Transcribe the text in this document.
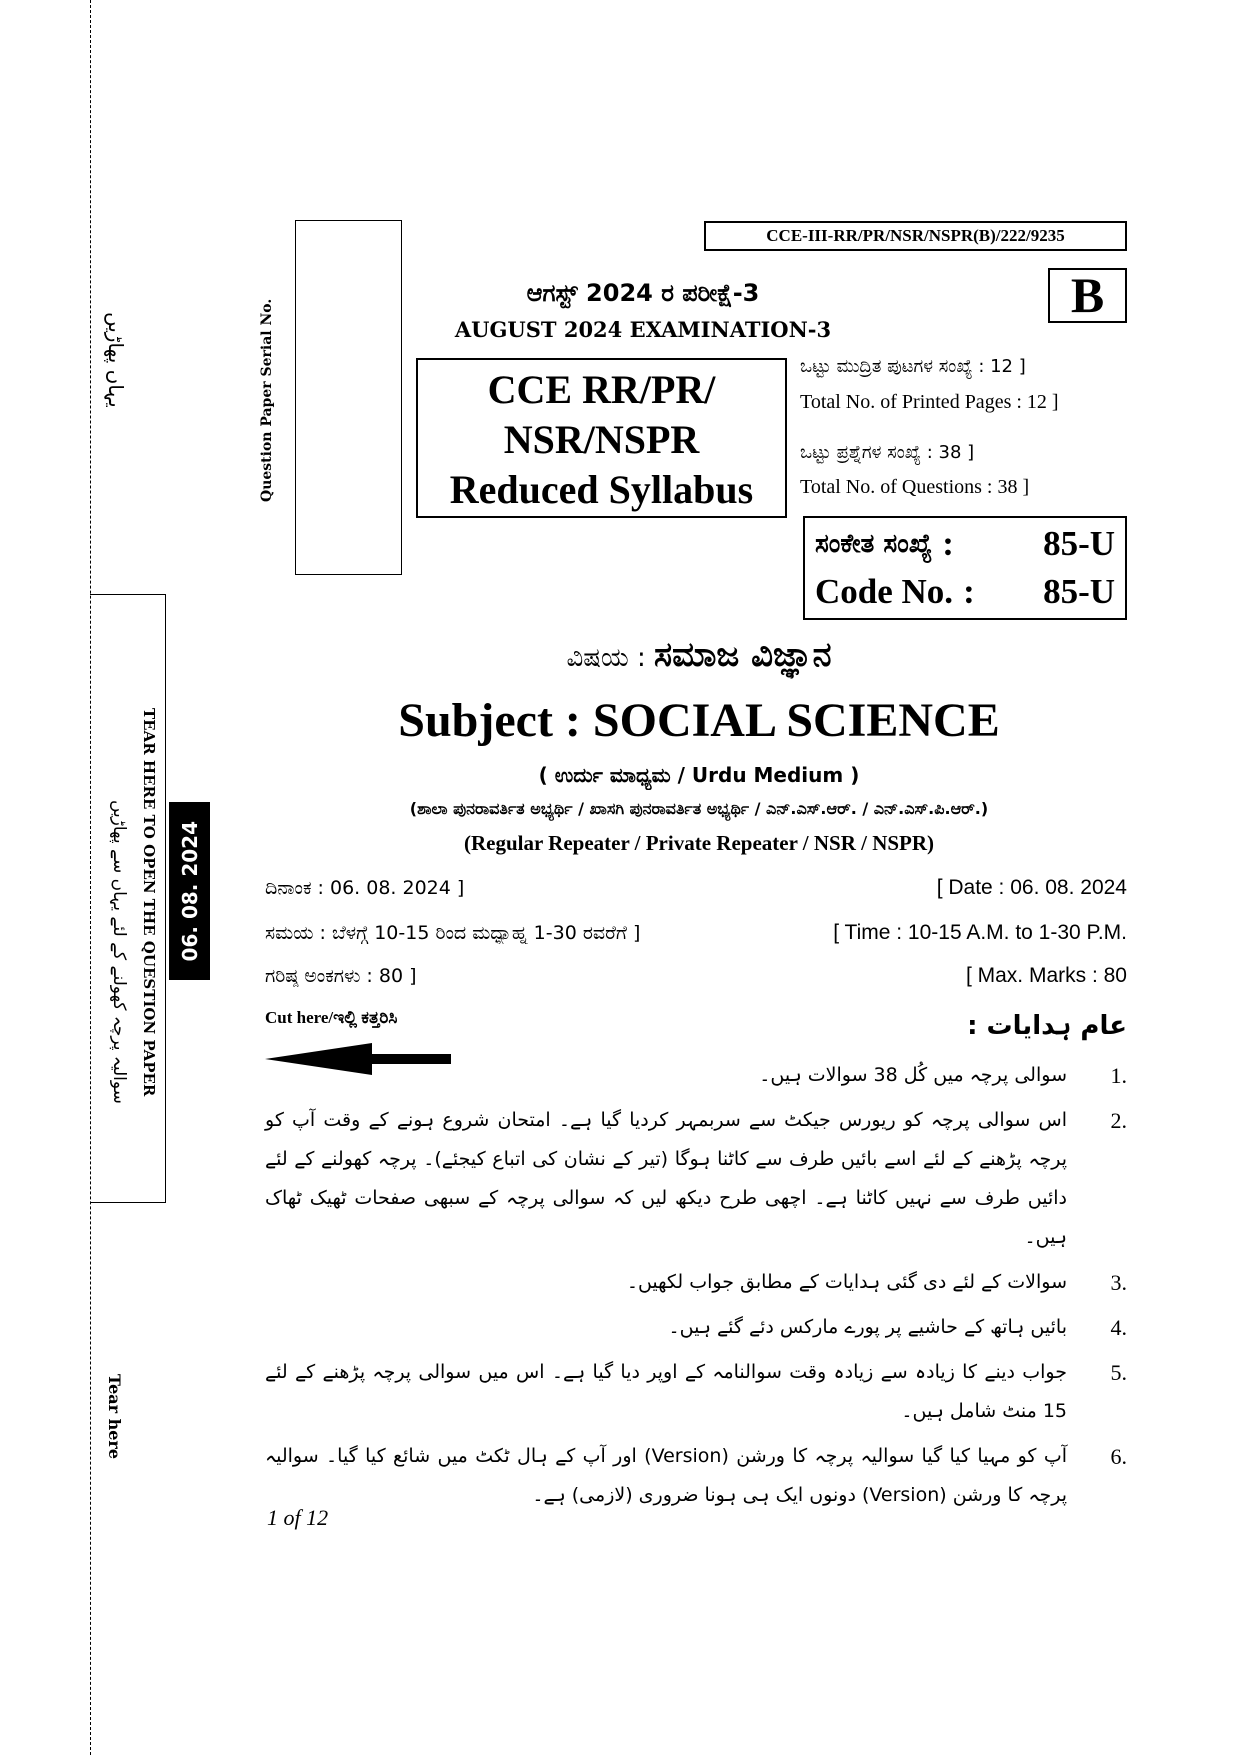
یہاں پھاڑیں
TEAR HERE TO OPEN THE QUESTION PAPER
سوالیہ پرچہ کھولنے کے لئے یہاں سے پھاڑیں 06. 08. 2024
Tear here
Question Paper Serial No.
CCE-III-RR/PR/NSR/NSPR(B)/222/9235
B
ಆಗಸ್ಟ್ 2024 ರ ಪರೀಕ್ಷೆ-3
AUGUST 2024 EXAMINATION-3
CCE RR/PR/
NSR/NSPR
Reduced Syllabus
ಒಟ್ಟು ಮುದ್ರಿತ ಪುಟಗಳ ಸಂಖ್ಯೆ : 12 ]
Total No. of Printed Pages : 12 ]
ಒಟ್ಟು ಪ್ರಶ್ನೆಗಳ ಸಂಖ್ಯೆ : 38 ]
Total No. of Questions : 38 ]
ಸಂಕೇತ ಸಂಖ್ಯೆ :	85-U
Code No. : 85-U
ವಿಷಯ : ಸಮಾಜ ವಿಜ್ಞಾನ
Subject : SOCIAL SCIENCE
( ಉರ್ದು ಮಾಧ್ಯಮ / Urdu Medium )
(ಶಾಲಾ ಪುನರಾವರ್ತಿತ ಅಭ್ಯರ್ಥಿ / ಖಾಸಗಿ ಪುನರಾವರ್ತಿತ ಅಭ್ಯರ್ಥಿ / ಎನ್.ಎಸ್.ಆರ್. / ಎನ್.ಎಸ್.ಪಿ.ಆರ್.)
(Regular Repeater / Private Repeater / NSR / NSPR)
ದಿನಾಂಕ : 06. 08. 2024 ]	[ Date : 06. 08. 2024
ಸಮಯ : ಬೆಳಗ್ಗೆ 10-15 ರಿಂದ ಮಧ್ಯಾಹ್ನ 1-30 ರವರೆಗೆ ]	[ Time : 10-15 A.M. to 1-30 P.M.
ಗರಿಷ್ಠ ಅಂಕಗಳು : 80 ]	[ Max. Marks : 80
Cut here/ಇಲ್ಲಿ ಕತ್ತರಿಸಿ	عام ہدایات :
1.
سوالی پرچہ میں کُل 38 سوالات ہیں۔
2.
اس سوالی پرچہ کو ریورس جیکٹ سے سربمہر کردیا گیا ہے۔ امتحان شروع ہونے کے وقت آپ کو پرچہ پڑھنے کے لئے اسے بائیں طرف سے کاٹنا ہوگا (تیر کے نشان کی اتباع کیجئے)۔ پرچہ کھولنے کے لئے دائیں طرف سے نہیں کاٹنا ہے۔ اچھی طرح دیکھ لیں کہ سوالی پرچہ کے سبھی صفحات ٹھیک ٹھاک ہیں۔
3.
سوالات کے لئے دی گئی ہدایات کے مطابق جواب لکھیں۔
4.
بائیں ہاتھ کے حاشیے پر پورے مارکس دئے گئے ہیں۔
5.
جواب دینے کا زیادہ سے زیادہ وقت سوالنامہ کے اوپر دیا گیا ہے۔ اس میں سوالی پرچہ پڑھنے کے لئے 15 منٹ شامل ہیں۔
6.
آپ کو مہیا کیا گیا سوالیہ پرچہ کا ورشن (Version) اور آپ کے ہال ٹکٹ میں شائع کیا گیا۔ سوالیہ پرچہ کا ورشن (Version) دونوں ایک ہی ہونا ضروری (لازمی) ہے۔
1 of 12
